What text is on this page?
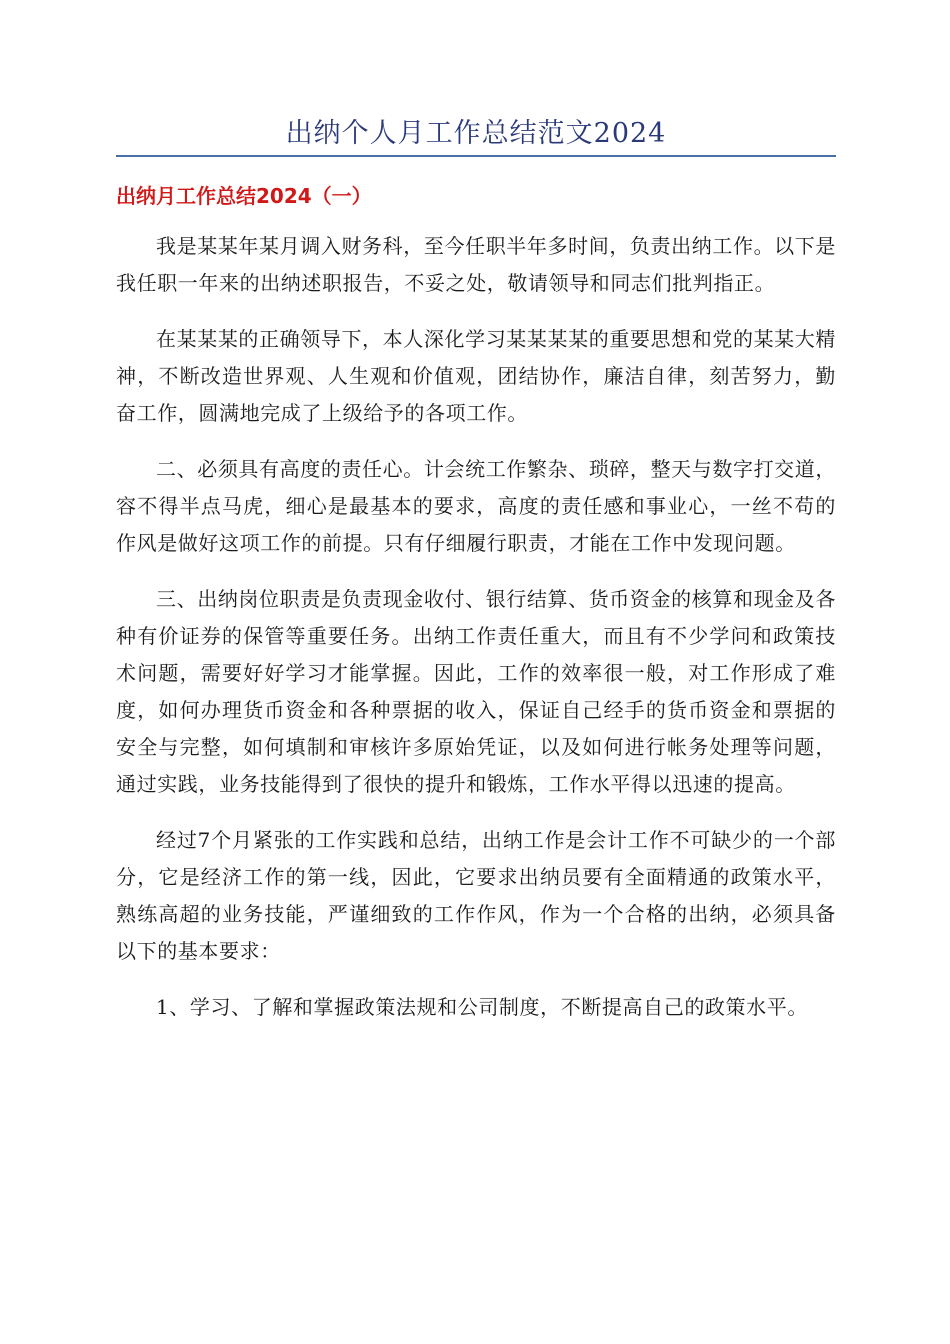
出纳个人月工作总结范文2024
出纳月工作总结2024（一）

我是某某年某月调入财务科，至今任职半年多时间，负责出纳工作。以下是我任职一年来的出纳述职报告，不妥之处，敬请领导和同志们批判指正。

在某某某的正确领导下，本人深化学习某某某某的重要思想和党的某某大精神，不断改造世界观、人生观和价值观，团结协作，廉洁自律，刻苦努力，勤奋工作，圆满地完成了上级给予的各项工作。

二、必须具有高度的责任心。计会统工作繁杂、琐碎，整天与数字打交道，容不得半点马虎，细心是最基本的要求，高度的责任感和事业心，一丝不苟的作风是做好这项工作的前提。只有仔细履行职责，才能在工作中发现问题。

三、出纳岗位职责是负责现金收付、银行结算、货币资金的核算和现金及各种有价证券的保管等重要任务。出纳工作责任重大，而且有不少学问和政策技术问题，需要好好学习才能掌握。因此，工作的效率很一般，对工作形成了难度，如何办理货币资金和各种票据的收入，保证自己经手的货币资金和票据的安全与完整，如何填制和审核许多原始凭证，以及如何进行帐务处理等问题，通过实践，业务技能得到了很快的提升和锻炼，工作水平得以迅速的提高。

经过7个月紧张的工作实践和总结，出纳工作是会计工作不可缺少的一个部分，它是经济工作的第一线，因此，它要求出纳员要有全面精通的政策水平，熟练高超的业务技能，严谨细致的工作作风，作为一个合格的出纳，必须具备以下的基本要求：

1、学习、了解和掌握政策法规和公司制度，不断提高自己的政策水平。
